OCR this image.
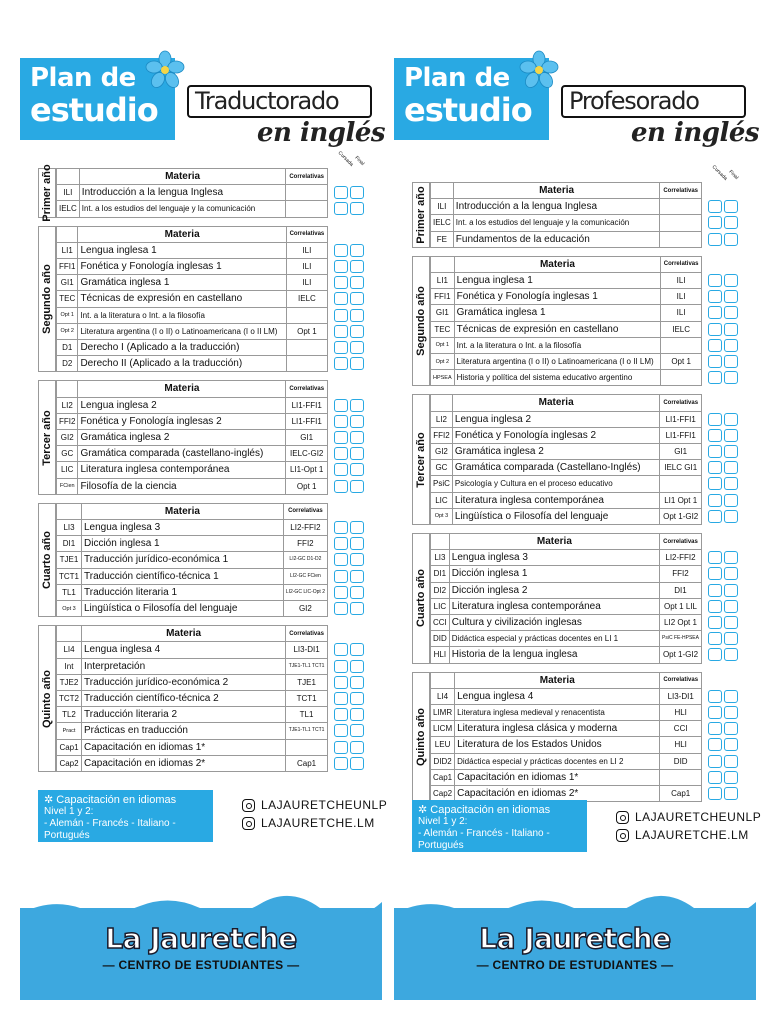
Plan de
estudio	Traductorado
en inglés
Primer año
		Materia	Correlativas
ILI	Introducción a la lengua Inglesa	
IELC	Int. a los estudios del lenguaje y la comunicación	
Cursada Final
Segundo año
	Materia	Correlativas
LI1	Lengua inglesa 1	ILI
FFI1	Fonética y Fonología inglesas 1	ILI
GI1	Gramática inglesa 1	ILI
TEC	Técnicas de expresión en castellano	IELC
Opt 1	Int. a la literatura o Int. a la filosofía	
Opt 2	Literatura argentina (I o II) o Latinoamericana (I o II LM)	Opt 1
D1	Derecho I (Aplicado a la traducción)	
D2	Derecho II (Aplicado a la traducción)	
Tercer año
	Materia	Correlativas
LI2	Lengua inglesa 2	LI1-FFI1
FFI2	Fonética y Fonología inglesas 2	LI1-FFI1
GI2	Gramática inglesa 2	GI1
GC	Gramática comparada (castellano-inglés)	IELC-GI2
LIC	Literatura inglesa contemporánea	LI1-Opt 1
FCien	Filosofía de la ciencia	Opt 1
Cuarto año
	Materia	Correlativas
LI3	Lengua inglesa 3	LI2-FFI2
DI1	Dicción inglesa 1	FFI2
TJE1	Traducción jurídico-económica 1	LI2-GC D1-D2
TCT1	Traducción científico-técnica 1	LI2-GC FCien
TL1	Traducción literaria 1	LI2-GC LIC-Opt 2
Opt 3	Lingüística o Filosofía del lenguaje	GI2
Quinto año
	Materia	Correlativas
LI4	Lengua inglesa 4	LI3-DI1
Int	Interpretación	TJE1-TL1 TCT1
TJE2	Traducción jurídico-económica 2	TJE1
TCT2	Traducción científico-técnica 2	TCT1
TL2	Traducción literaria 2	TL1
Pract	Prácticas en traducción	TJE1-TL1 TCT1
Cap1	Capacitación en idiomas 1*	
Cap2	Capacitación en idiomas 2*	Cap1
✲ Capacitación en idiomas
Nivel 1 y 2:
- Alemán - Francés - Italiano - Portugués
LAJAURETCHEUNLP
LAJAURETCHE.LM
La Jauretche
— CENTRO DE ESTUDIANTES —
Plan de
estudio	Profesorado
en inglés
Primer año
		Materia	Correlativas
ILI	Introducción a la lengua Inglesa	
IELC	Int. a los estudios del lenguaje y la comunicación	
FE	Fundamentos de la educación	
Cursada Final
Segundo año
	Materia	Correlativas
LI1	Lengua inglesa 1	ILI
FFI1	Fonética y Fonología inglesas 1	ILI
GI1	Gramática inglesa 1	ILI
TEC	Técnicas de expresión en castellano	IELC
Opt 1	Int. a la literatura o Int. a la filosofía	
Opt 2	Literatura argentina (I o II) o Latinoamericana (I o II LM)	Opt 1
HPSEA	Historia y política del sistema educativo argentino	
Tercer año
	Materia	Correlativas
LI2	Lengua inglesa 2	LI1-FFI1
FFI2	Fonética y Fonología inglesas 2	LI1-FFI1
GI2	Gramática inglesa 2	GI1
GC	Gramática comparada (Castellano-Inglés)	IELC GI1
PsiC	Psicología y Cultura en el proceso educativo	
LIC	Literatura inglesa contemporánea	LI1 Opt 1
Opt 3	Lingüística o Filosofía del lenguaje	Opt 1-GI2
Cuarto año
	Materia	Correlativas
LI3	Lengua inglesa 3	LI2-FFI2
DI1	Dicción inglesa 1	FFI2
DI2	Dicción inglesa 2	DI1
LIC	Literatura inglesa contemporánea	Opt 1 LIL
CCI	Cultura y civilización inglesas	LI2 Opt 1
DID	Didáctica especial y prácticas docentes en LI 1	PsiC FE-HPSEA
HLI	Historia de la lengua inglesa	Opt 1-GI2
Quinto año
	Materia	Correlativas
LI4	Lengua inglesa 4	LI3-DI1
LIMR	Literatura inglesa medieval y renacentista	HLI
LICM	Literatura inglesa clásica y moderna	CCI
LEU	Literatura de los Estados Unidos	HLI
DID2	Didáctica especial y prácticas docentes en LI 2	DID
Cap1	Capacitación en idiomas 1*	
Cap2	Capacitación en idiomas 2*	Cap1
✲ Capacitación en idiomas
Nivel 1 y 2:
- Alemán - Francés - Italiano - Portugués
LAJAURETCHEUNLP
LAJAURETCHE.LM
La Jauretche
— CENTRO DE ESTUDIANTES —
